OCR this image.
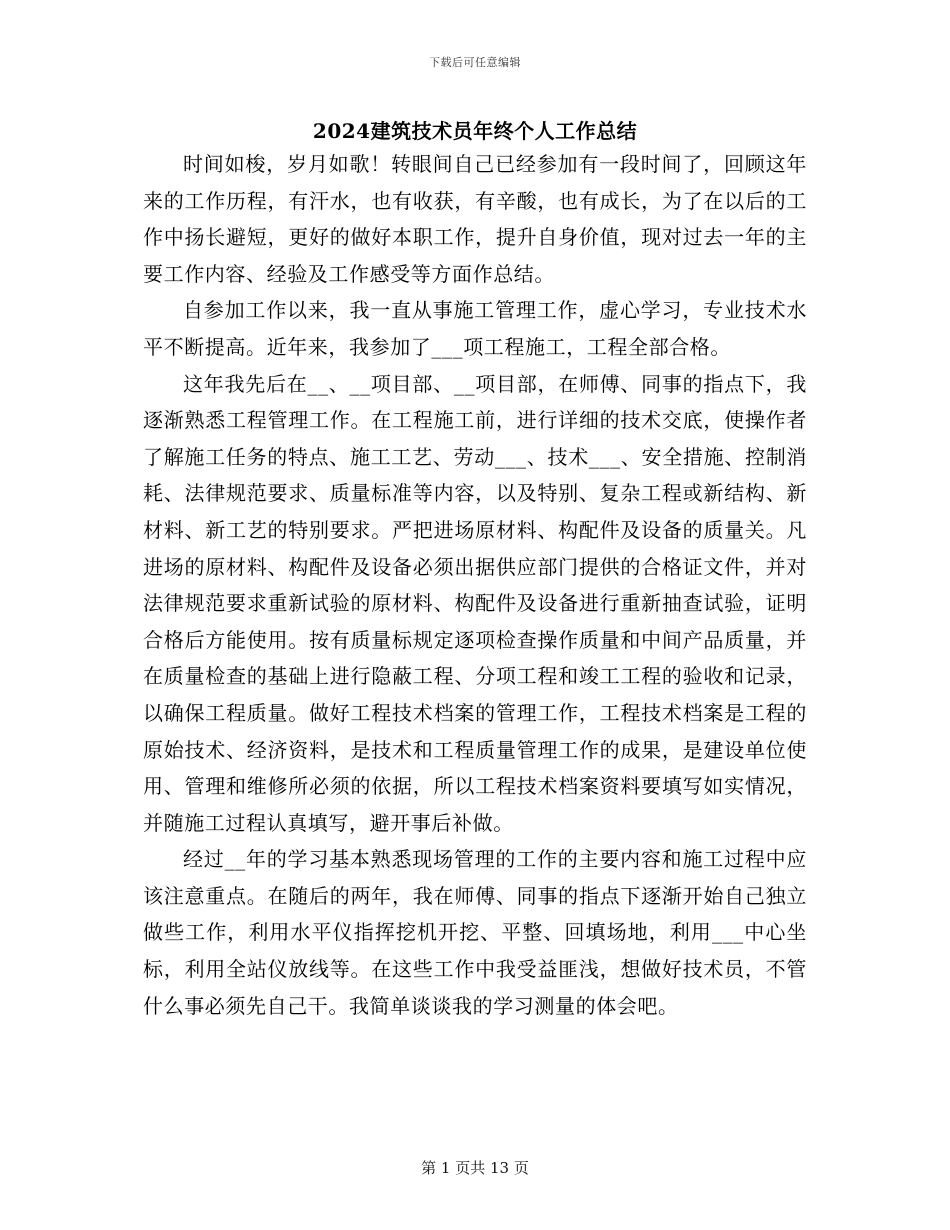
下载后可任意编辑
2024建筑技术员年终个人工作总结

时间如梭，岁月如歌！转眼间自己已经参加有一段时间了，回顾这年来的工作历程，有汗水，也有收获，有辛酸，也有成长，为了在以后的工作中扬长避短，更好的做好本职工作，提升自身价值，现对过去一年的主要工作内容、经验及工作感受等方面作总结。

自参加工作以来，我一直从事施工管理工作，虚心学习，专业技术水平不断提高。近年来，我参加了___项工程施工，工程全部合格。

这年我先后在__、__项目部、__项目部，在师傅、同事的指点下，我逐渐熟悉工程管理工作。在工程施工前，进行详细的技术交底，使操作者了解施工任务的特点、施工工艺、劳动___、技术___、安全措施、控制消耗、法律规范要求、质量标准等内容，以及特别、复杂工程或新结构、新材料、新工艺的特别要求。严把进场原材料、构配件及设备的质量关。凡进场的原材料、构配件及设备必须出据供应部门提供的合格证文件，并对法律规范要求重新试验的原材料、构配件及设备进行重新抽查试验，证明合格后方能使用。按有质量标规定逐项检查操作质量和中间产品质量，并在质量检查的基础上进行隐蔽工程、分项工程和竣工工程的验收和记录，以确保工程质量。做好工程技术档案的管理工作，工程技术档案是工程的原始技术、经济资料，是技术和工程质量管理工作的成果，是建设单位使用、管理和维修所必须的依据，所以工程技术档案资料要填写如实情况，并随施工过程认真填写，避开事后补做。

经过__年的学习基本熟悉现场管理的工作的主要内容和施工过程中应该注意重点。在随后的两年，我在师傅、同事的指点下逐渐开始自己独立做些工作，利用水平仪指挥挖机开挖、平整、回填场地，利用___中心坐标，利用全站仪放线等。在这些工作中我受益匪浅，想做好技术员，不管什么事必须先自己干。我简单谈谈我的学习测量的体会吧。

第 1 页共 13 页
